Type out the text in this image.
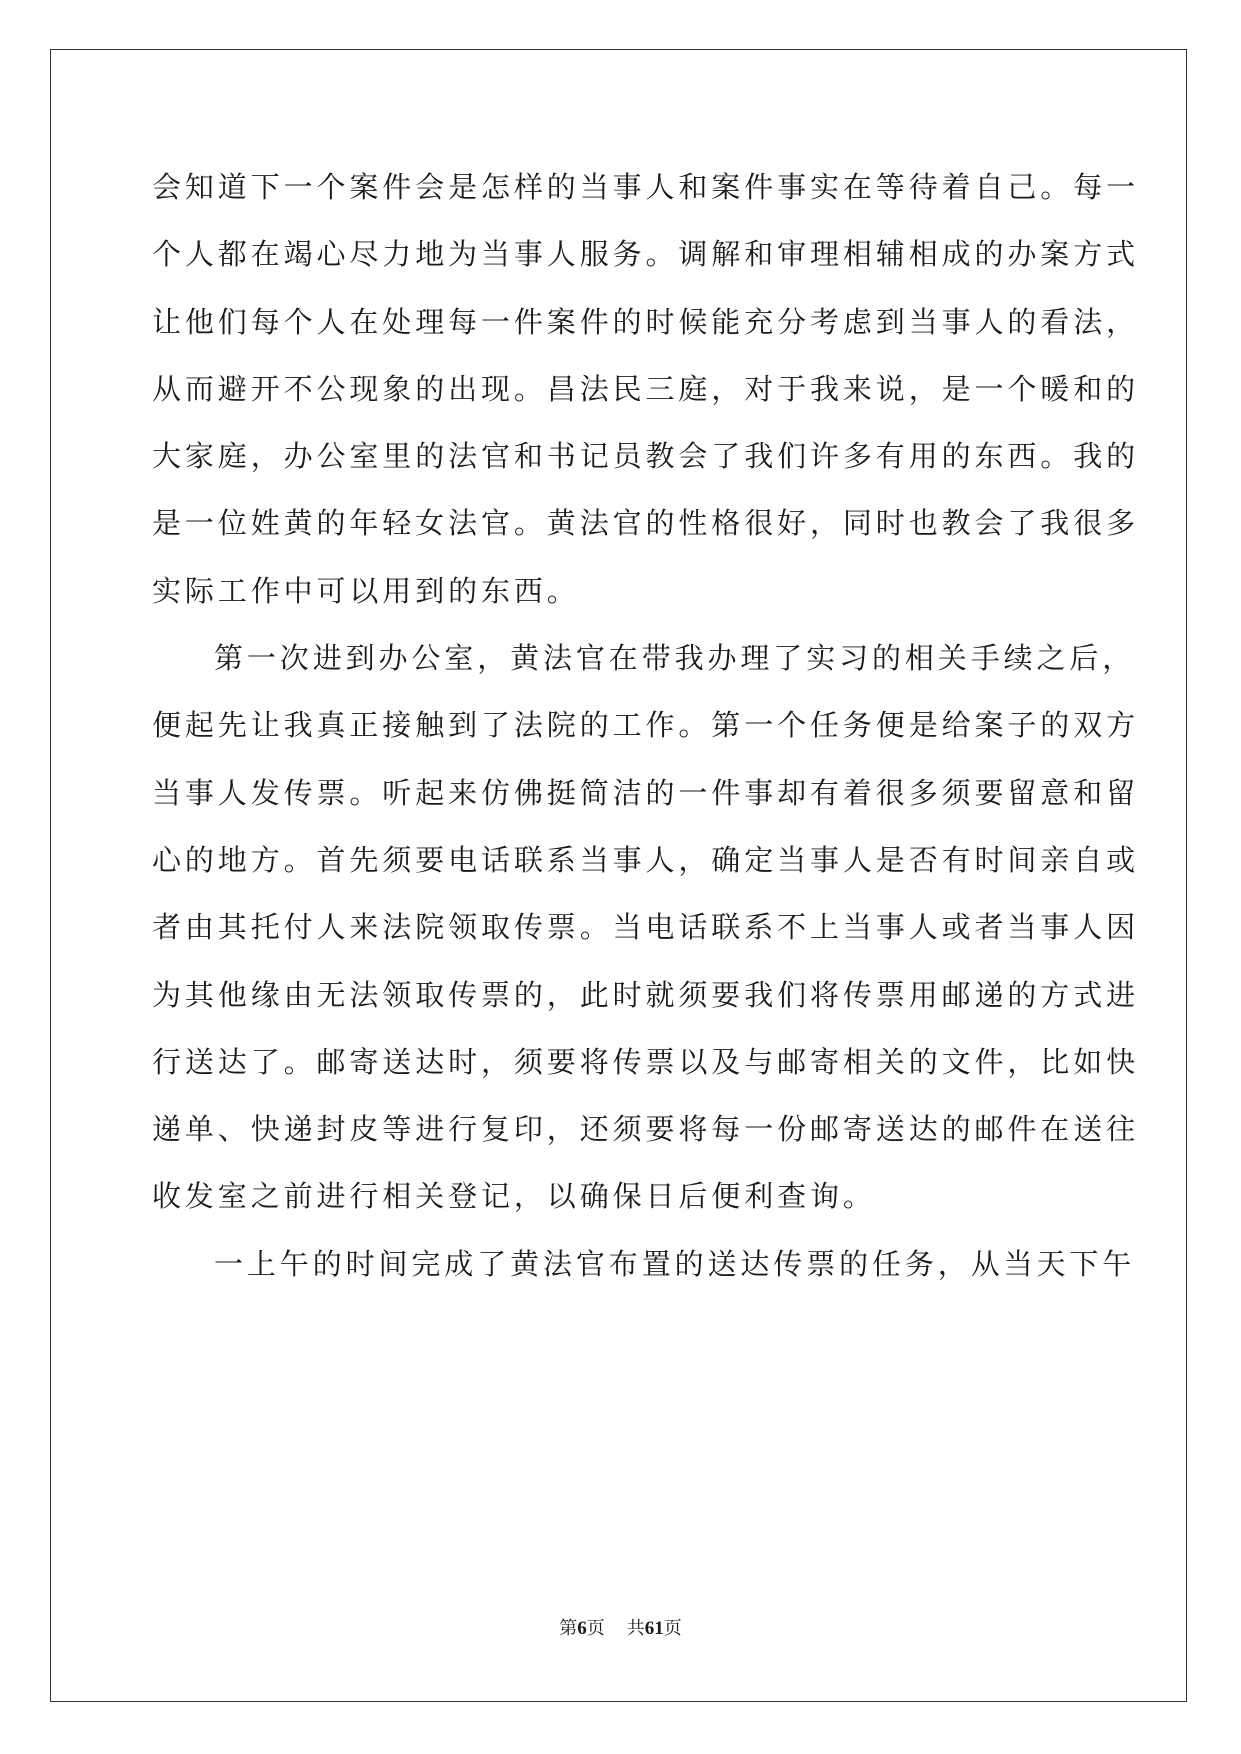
会知道下一个案件会是怎样的当事人和案件事实在等待着自己。每一

个人都在竭心尽力地为当事人服务。调解和审理相辅相成的办案方式

让他们每个人在处理每一件案件的时候能充分考虑到当事人的看法，

从而避开不公现象的出现。昌法民三庭，对于我来说，是一个暖和的

大家庭，办公室里的法官和书记员教会了我们许多有用的东西。我的

是一位姓黄的年轻女法官。黄法官的性格很好，同时也教会了我很多

实际工作中可以用到的东西。

第一次进到办公室，黄法官在带我办理了实习的相关手续之后，

便起先让我真正接触到了法院的工作。第一个任务便是给案子的双方

当事人发传票。听起来仿佛挺简洁的一件事却有着很多须要留意和留

心的地方。首先须要电话联系当事人，确定当事人是否有时间亲自或

者由其托付人来法院领取传票。当电话联系不上当事人或者当事人因

为其他缘由无法领取传票的，此时就须要我们将传票用邮递的方式进

行送达了。邮寄送达时，须要将传票以及与邮寄相关的文件，比如快

递单、快递封皮等进行复印，还须要将每一份邮寄送达的邮件在送往

收发室之前进行相关登记，以确保日后便利查询。

一上午的时间完成了黄法官布置的送达传票的任务，从当天下午

第6页 共61页
